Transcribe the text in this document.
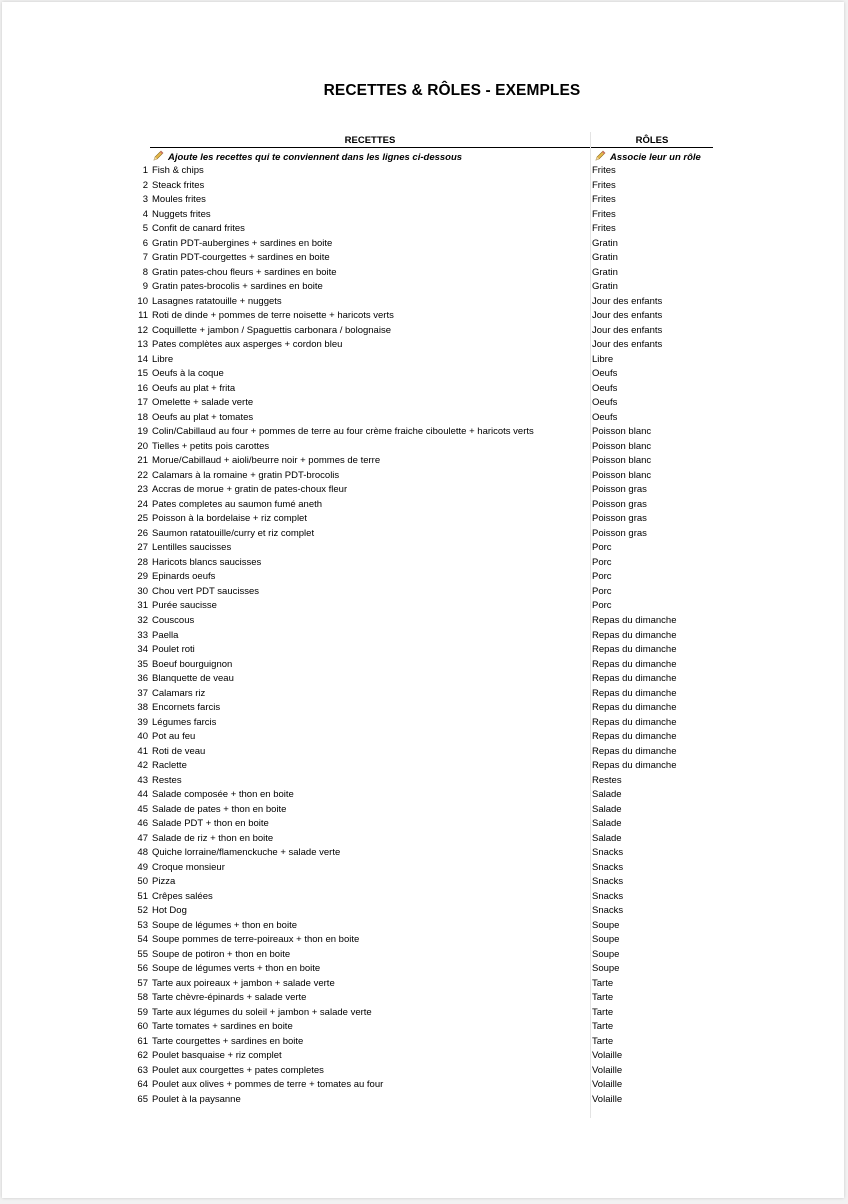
RECETTES & RÔLES - EXEMPLES
RECETTES	RÔLES
Ajoute les recettes qui te conviennent dans les lignes ci-dessous	Associe leur un rôle
1 Fish & chips	Frites
2 Steack frites	Frites
3 Moules frites	Frites
4 Nuggets frites	Frites
5 Confit de canard frites	Frites
6 Gratin PDT-aubergines + sardines en boite	Gratin
7 Gratin PDT-courgettes + sardines en boite	Gratin
8 Gratin pates-chou fleurs + sardines en boite	Gratin
9 Gratin pates-brocolis + sardines en boite	Gratin
10 Lasagnes ratatouille + nuggets	Jour des enfants
11 Roti de dinde + pommes de terre noisette + haricots verts	Jour des enfants
12 Coquillette + jambon / Spaguettis carbonara / bolognaise	Jour des enfants
13 Pates complètes aux asperges + cordon bleu	Jour des enfants
14 Libre	Libre
15 Oeufs à la coque	Oeufs
16 Oeufs au plat + frita	Oeufs
17 Omelette + salade verte	Oeufs
18 Oeufs au plat + tomates	Oeufs
19 Colin/Cabillaud au four + pommes de terre au four crème fraiche ciboulette + haricots verts	Poisson blanc
20 Tielles + petits pois carottes	Poisson blanc
21 Morue/Cabillaud + aioli/beurre noir + pommes de terre	Poisson blanc
22 Calamars à la romaine + gratin PDT-brocolis	Poisson blanc
23 Accras de morue + gratin de pates-choux fleur	Poisson gras
24 Pates completes au saumon fumé aneth	Poisson gras
25 Poisson à la bordelaise + riz complet	Poisson gras
26 Saumon ratatouille/curry et riz complet	Poisson gras
27 Lentilles saucisses	Porc
28 Haricots blancs saucisses	Porc
29 Epinards oeufs	Porc
30 Chou vert PDT saucisses	Porc
31 Purée saucisse	Porc
32 Couscous	Repas du dimanche
33 Paella	Repas du dimanche
34 Poulet roti	Repas du dimanche
35 Boeuf bourguignon	Repas du dimanche
36 Blanquette de veau	Repas du dimanche
37 Calamars riz	Repas du dimanche
38 Encornets farcis	Repas du dimanche
39 Légumes farcis	Repas du dimanche
40 Pot au feu	Repas du dimanche
41 Roti de veau	Repas du dimanche
42 Raclette	Repas du dimanche
43 Restes	Restes
44 Salade composée + thon en boite	Salade
45 Salade de pates + thon en boite	Salade
46 Salade PDT + thon en boite	Salade
47 Salade de riz + thon en boite	Salade
48 Quiche lorraine/flamenckuche + salade verte	Snacks
49 Croque monsieur	Snacks
50 Pizza	Snacks
51 Crêpes salées	Snacks
52 Hot Dog	Snacks
53 Soupe de légumes + thon en boite	Soupe
54 Soupe pommes de terre-poireaux + thon en boite	Soupe
55 Soupe de potiron + thon en boite	Soupe
56 Soupe de légumes verts + thon en boite	Soupe
57 Tarte aux poireaux + jambon + salade verte	Tarte
58 Tarte chèvre-épinards + salade verte	Tarte
59 Tarte aux légumes du soleil + jambon + salade verte	Tarte
60 Tarte tomates + sardines en boite	Tarte
61 Tarte courgettes + sardines en boite	Tarte
62 Poulet basquaise + riz complet	Volaille
63 Poulet aux courgettes + pates completes	Volaille
64 Poulet aux olives + pommes de terre + tomates au four	Volaille
65 Poulet à la paysanne	Volaille
